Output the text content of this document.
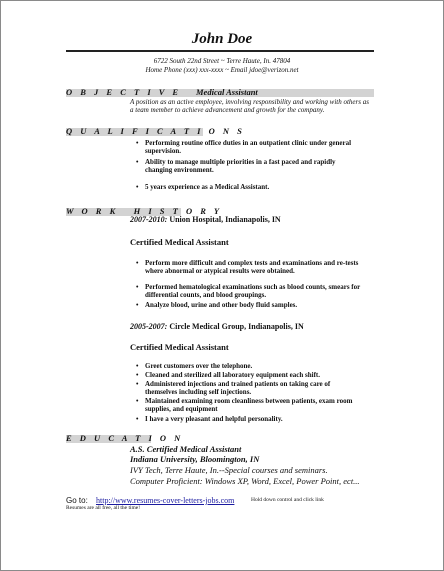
John Doe
6722 South 22nd Street ~ Terre Haute, In. 47804
Home Phone (xxx) xxx-xxxx ~ Email jdoe@verizon.net
O B J E C T I V E Medical Assistant
A position as an active employee, involving responsibility and working with others as
a team member to achieve advancement and growth for the company.
Q U A L I F I C A T I O N S
• Performing routine office duties in an outpatient clinic under general
supervision.
• Ability to manage multiple priorities in a fast paced and rapidly
changing environment.
• 5 years experience as a Medical Assistant.
W O R K   H I S T O R Y
2007-2010: Union Hospital, Indianapolis, IN
Certified Medical Assistant
• Perform more difficult and complex tests and examinations and re-tests
where abnormal or atypical results were obtained.
• Performed hematological examinations such as blood counts, smears for
differential counts, and blood groupings.
• Analyze blood, urine and other body fluid samples.
2005-2007: Circle Medical Group, Indianapolis, IN
Certified Medical Assistant
• Greet customers over the telephone.
• Cleaned and sterilized all laboratory equipment each shift.
• Administered injections and trained patients on taking care of
themselves including self injections.
• Maintained examining room cleanliness between patients, exam room
supplies, and equipment
• I have a very pleasant and helpful personality.
E D U C A T I O N
A.S. Certified Medical Assistant
Indiana University, Bloomington, IN
IVY Tech, Terre Haute, In.--Special courses and seminars.
Computer Proficient: Windows XP, Word, Excel, Power Point, ect...
Go to: http://www.resumes-cover-letters-jobs.com	Hold down control and click link
Resumes are all free, all the time!
